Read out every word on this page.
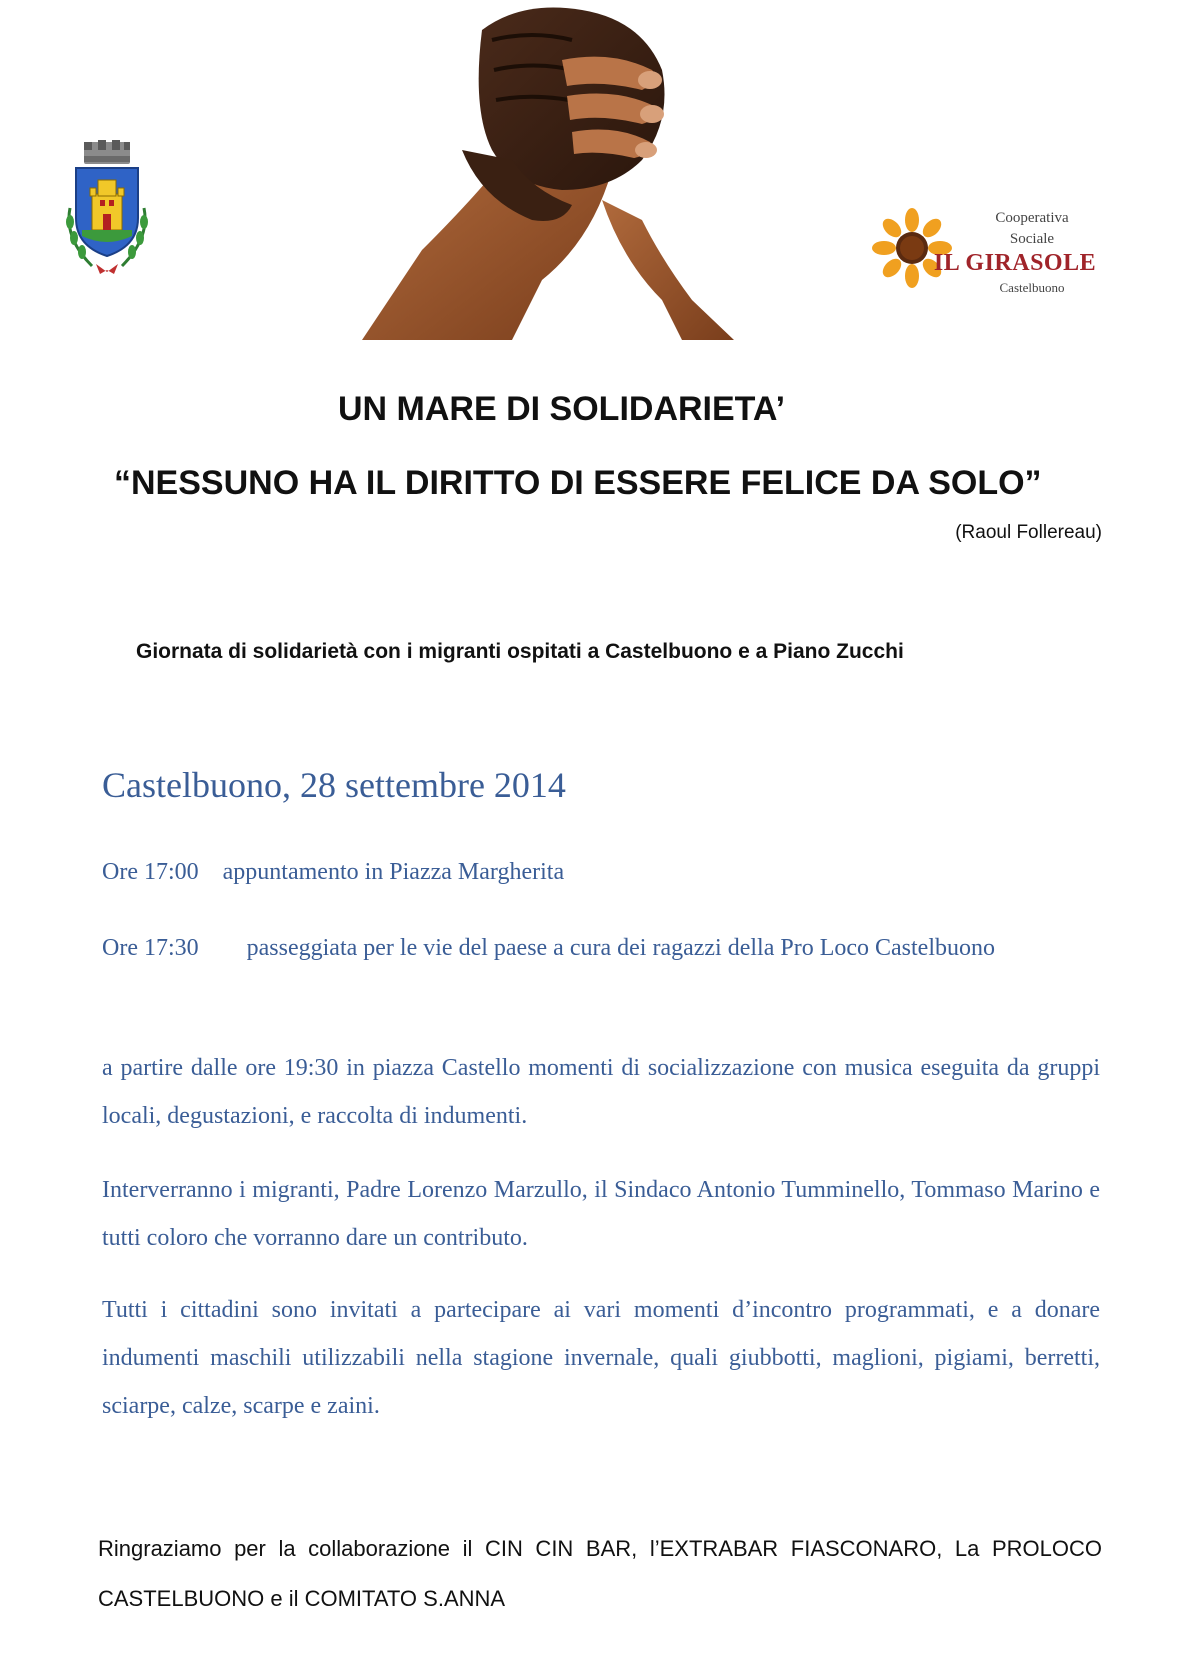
Cooperativa
Sociale
IL GIRASOLE
Castelbuono
UN MARE DI SOLIDARIETA’
“NESSUNO HA IL DIRITTO DI ESSERE FELICE DA SOLO”
(Raoul Follereau)
Giornata di solidarietà con i migranti ospitati a Castelbuono e a Piano Zucchi
Castelbuono, 28 settembre 2014
Ore 17:00 appuntamento in Piazza Margherita
Ore 17:30 passeggiata per le vie del paese a cura dei ragazzi della Pro Loco Castelbuono
a partire dalle ore 19:30 in piazza Castello momenti di socializzazione con musica eseguita da gruppi locali, degustazioni, e raccolta di indumenti.
Interverranno i migranti, Padre Lorenzo Marzullo, il Sindaco Antonio Tumminello, Tommaso Marino e tutti coloro che vorranno dare un contributo.
Tutti i cittadini sono invitati a partecipare ai vari momenti d’incontro programmati, e a donare indumenti maschili utilizzabili nella stagione invernale, quali giubbotti, maglioni, pigiami, berretti, sciarpe, calze, scarpe e zaini.
Ringraziamo per la collaborazione il CIN CIN BAR, l’EXTRABAR FIASCONARO, La PROLOCO CASTELBUONO e il COMITATO S.ANNA
